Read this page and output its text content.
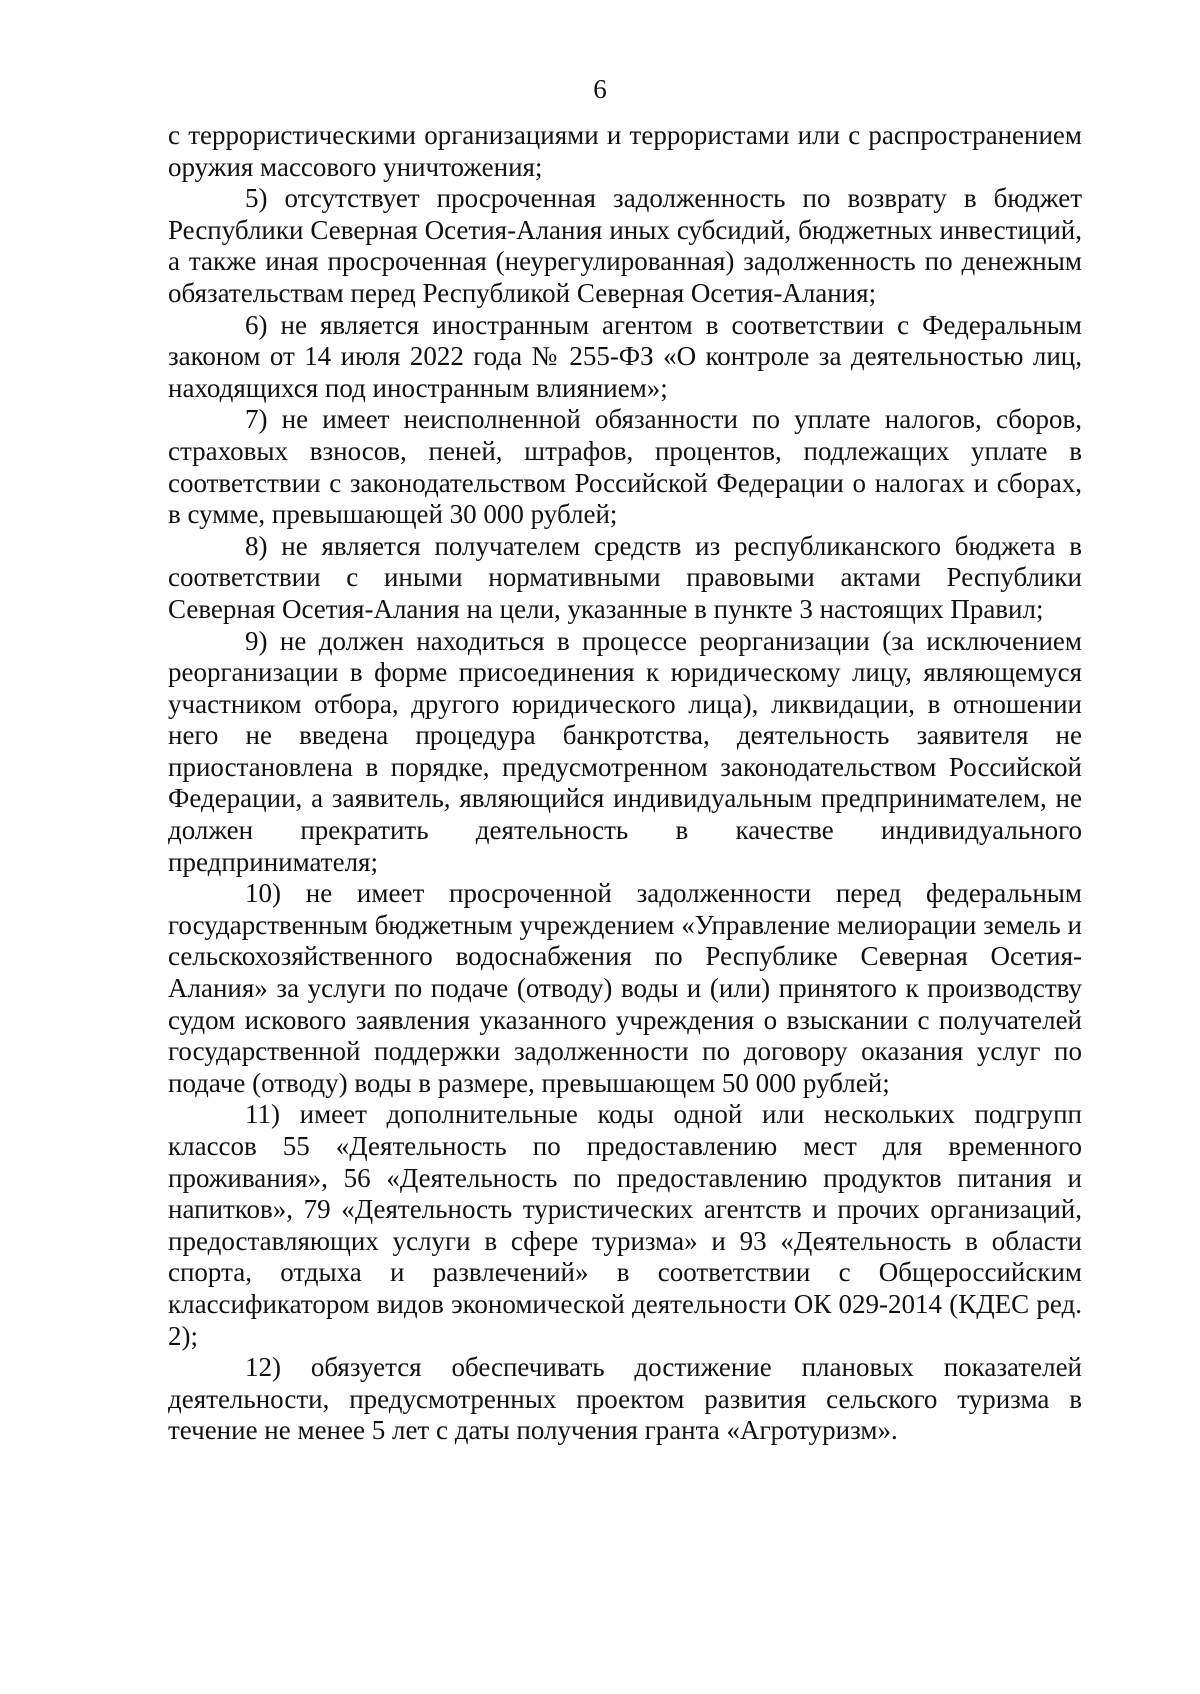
6

с террористическими организациями и террористами или с распространением оружия массового уничтожения;

5) отсутствует просроченная задолженность по возврату в бюджет Республики Северная Осетия-Алания иных субсидий, бюджетных инвестиций, а также иная просроченная (неурегулированная) задолженность по денежным обязательствам перед Республикой Северная Осетия-Алания;

6) не является иностранным агентом в соответствии с Федеральным законом от 14 июля 2022 года № 255-ФЗ «О контроле за деятельностью лиц, находящихся под иностранным влиянием»;

7) не имеет неисполненной обязанности по уплате налогов, сборов, страховых взносов, пеней, штрафов, процентов, подлежащих уплате в соответствии с законодательством Российской Федерации о налогах и сборах, в сумме, превышающей 30 000 рублей;

8) не является получателем средств из республиканского бюджета в соответствии с иными нормативными правовыми актами Республики Северная Осетия-Алания на цели, указанные в пункте 3 настоящих Правил;

9) не должен находиться в процессе реорганизации (за исключением реорганизации в форме присоединения к юридическому лицу, являющемуся участником отбора, другого юридического лица), ликвидации, в отношении него не введена процедура банкротства, деятельность заявителя не приостановлена в порядке, предусмотренном законодательством Российской Федерации, а заявитель, являющийся индивидуальным предпринимателем, не должен прекратить деятельность в качестве индивидуального предпринимателя;

10) не имеет просроченной задолженности перед федеральным государственным бюджетным учреждением «Управление мелиорации земель и сельскохозяйственного водоснабжения по Республике Северная Осетия-Алания» за услуги по подаче (отводу) воды и (или) принятого к производству судом искового заявления указанного учреждения о взыскании с получателей государственной поддержки задолженности по договору оказания услуг по подаче (отводу) воды в размере, превышающем 50 000 рублей;

11) имеет дополнительные коды одной или нескольких подгрупп классов 55 «Деятельность по предоставлению мест для временного проживания», 56 «Деятельность по предоставлению продуктов питания и напитков», 79 «Деятельность туристических агентств и прочих организаций, предоставляющих услуги в сфере туризма» и 93 «Деятельность в области спорта, отдыха и развлечений» в соответствии с Общероссийским классификатором видов экономической деятельности ОК 029-2014 (КДЕС ред. 2);

12) обязуется обеспечивать достижение плановых показателей деятельности, предусмотренных проектом развития сельского туризма в течение не менее 5 лет с даты получения гранта «Агротуризм».
